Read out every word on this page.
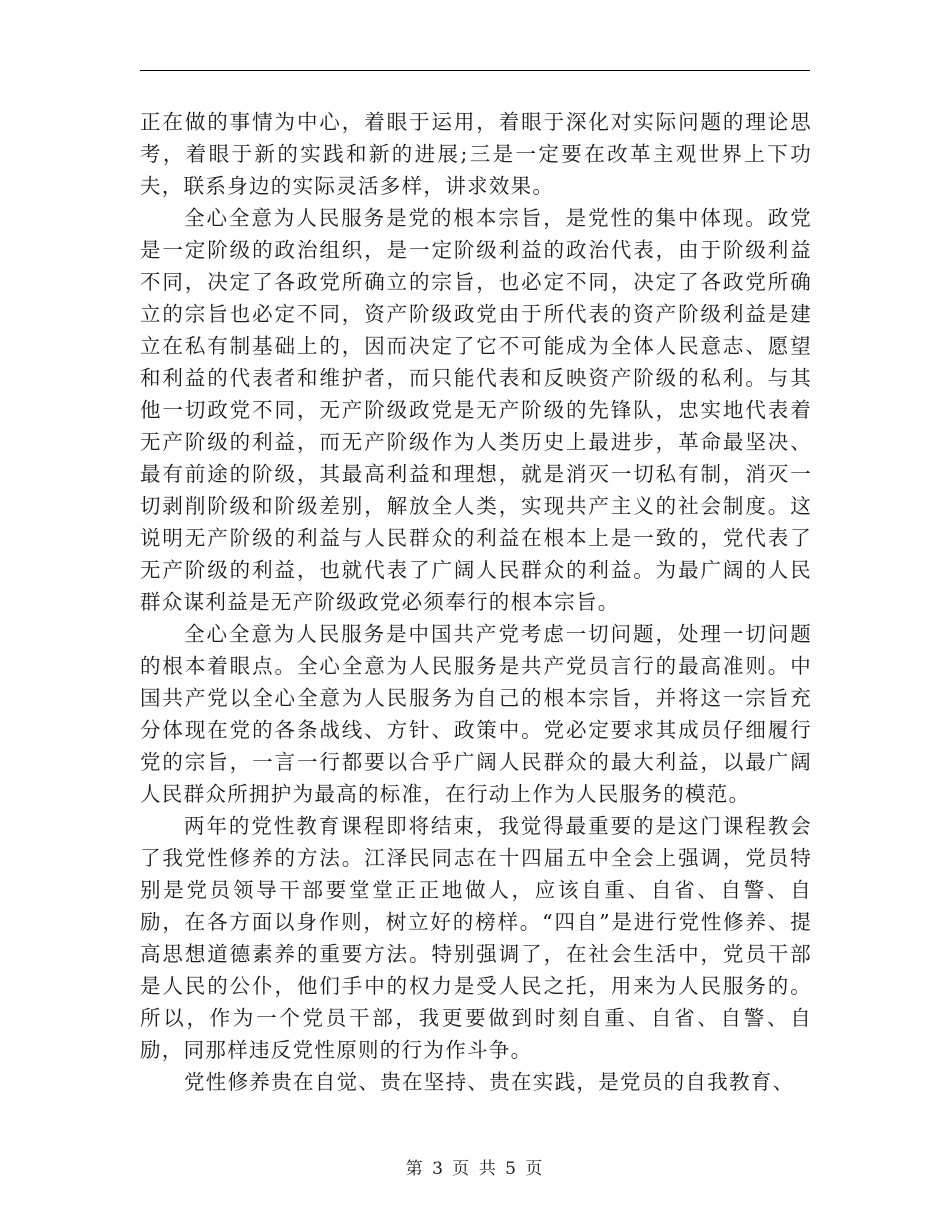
正在做的事情为中心，着眼于运用，着眼于深化对实际问题的理论思考，着眼于新的实践和新的进展;三是一定要在改革主观世界上下功夫，联系身边的实际灵活多样，讲求效果。

全心全意为人民服务是党的根本宗旨，是党性的集中体现。政党是一定阶级的政治组织，是一定阶级利益的政治代表，由于阶级利益不同，决定了各政党所确立的宗旨，也必定不同，决定了各政党所确立的宗旨也必定不同，资产阶级政党由于所代表的资产阶级利益是建立在私有制基础上的，因而决定了它不可能成为全体人民意志、愿望和利益的代表者和维护者，而只能代表和反映资产阶级的私利。与其他一切政党不同，无产阶级政党是无产阶级的先锋队，忠实地代表着无产阶级的利益，而无产阶级作为人类历史上最进步，革命最坚决、最有前途的阶级，其最高利益和理想，就是消灭一切私有制，消灭一切剥削阶级和阶级差别，解放全人类，实现共产主义的社会制度。这说明无产阶级的利益与人民群众的利益在根本上是一致的，党代表了无产阶级的利益，也就代表了广阔人民群众的利益。为最广阔的人民群众谋利益是无产阶级政党必须奉行的根本宗旨。

全心全意为人民服务是中国共产党考虑一切问题，处理一切问题的根本着眼点。全心全意为人民服务是共产党员言行的最高准则。中国共产党以全心全意为人民服务为自己的根本宗旨，并将这一宗旨充分体现在党的各条战线、方针、政策中。党必定要求其成员仔细履行党的宗旨，一言一行都要以合乎广阔人民群众的最大利益，以最广阔人民群众所拥护为最高的标准，在行动上作为人民服务的模范。

两年的党性教育课程即将结束，我觉得最重要的是这门课程教会了我党性修养的方法。江泽民同志在十四届五中全会上强调，党员特别是党员领导干部要堂堂正正地做人，应该自重、自省、自警、自励，在各方面以身作则，树立好的榜样。“四自”是进行党性修养、提高思想道德素养的重要方法。特别强调了，在社会生活中，党员干部是人民的公仆，他们手中的权力是受人民之托，用来为人民服务的。所以，作为一个党员干部，我更要做到时刻自重、自省、自警、自励，同那样违反党性原则的行为作斗争。

党性修养贵在自觉、贵在坚持、贵在实践，是党员的自我教育、

第 3 页 共 5 页
